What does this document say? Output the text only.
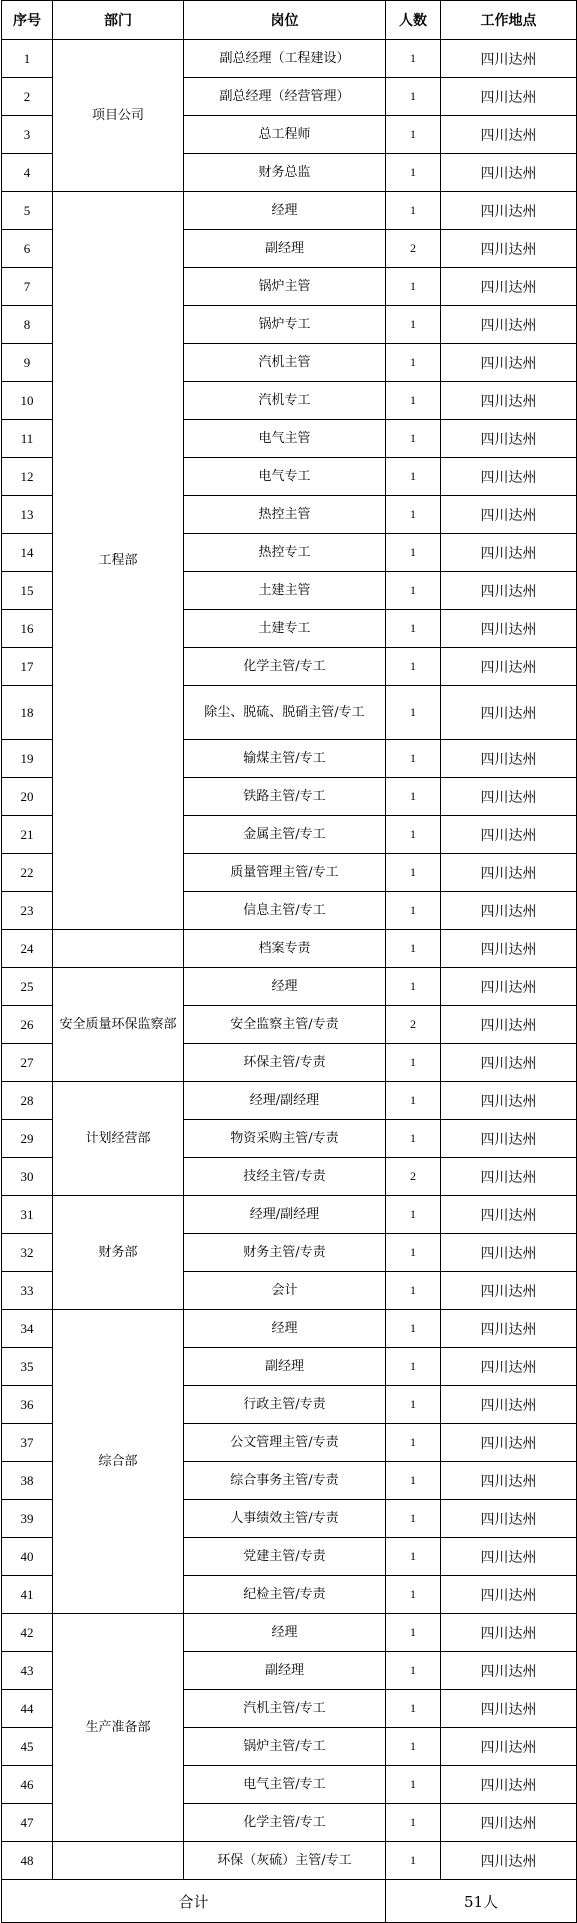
序号	部门	岗位	人数	工作地点
1	项目公司	副总经理（工程建设）	1	四川达州
2		副总经理（经营管理）	1	四川达州
3		总工程师	1	四川达州
4		财务总监	1	四川达州
5	工程部	经理	1	四川达州
6		副经理	2	四川达州
7		锅炉主管	1	四川达州
8		锅炉专工	1	四川达州
9		汽机主管	1	四川达州
10		汽机专工	1	四川达州
11		电气主管	1	四川达州
12		电气专工	1	四川达州
13		热控主管	1	四川达州
14		热控专工	1	四川达州
15		土建主管	1	四川达州
16		土建专工	1	四川达州
17		化学主管/专工	1	四川达州
18		除尘、脱硫、脱硝主管/专工	1	四川达州
19		输煤主管/专工	1	四川达州
20		铁路主管/专工	1	四川达州
21		金属主管/专工	1	四川达州
22		质量管理主管/专工	1	四川达州
23		信息主管/专工	1	四川达州
24		档案专责	1	四川达州
25	安全质量环保监察部	经理	1	四川达州
26		安全监察主管/专责	2	四川达州
27		环保主管/专责	1	四川达州
28	计划经营部	经理/副经理	1	四川达州
29		物资采购主管/专责	1	四川达州
30		技经主管/专责	2	四川达州
31	财务部	经理/副经理	1	四川达州
32		财务主管/专责	1	四川达州
33		会计	1	四川达州
34	综合部	经理	1	四川达州
35		副经理	1	四川达州
36		行政主管/专责	1	四川达州
37		公文管理主管/专责	1	四川达州
38		综合事务主管/专责	1	四川达州
39		人事绩效主管/专责	1	四川达州
40		党建主管/专责	1	四川达州
41		纪检主管/专责	1	四川达州
42	生产准备部	经理	1	四川达州
43		副经理	1	四川达州
44		汽机主管/专工	1	四川达州
45		锅炉主管/专工	1	四川达州
46		电气主管/专工	1	四川达州
47		化学主管/专工	1	四川达州
48		环保（灰硫）主管/专工	1	四川达州
合计			51人	
